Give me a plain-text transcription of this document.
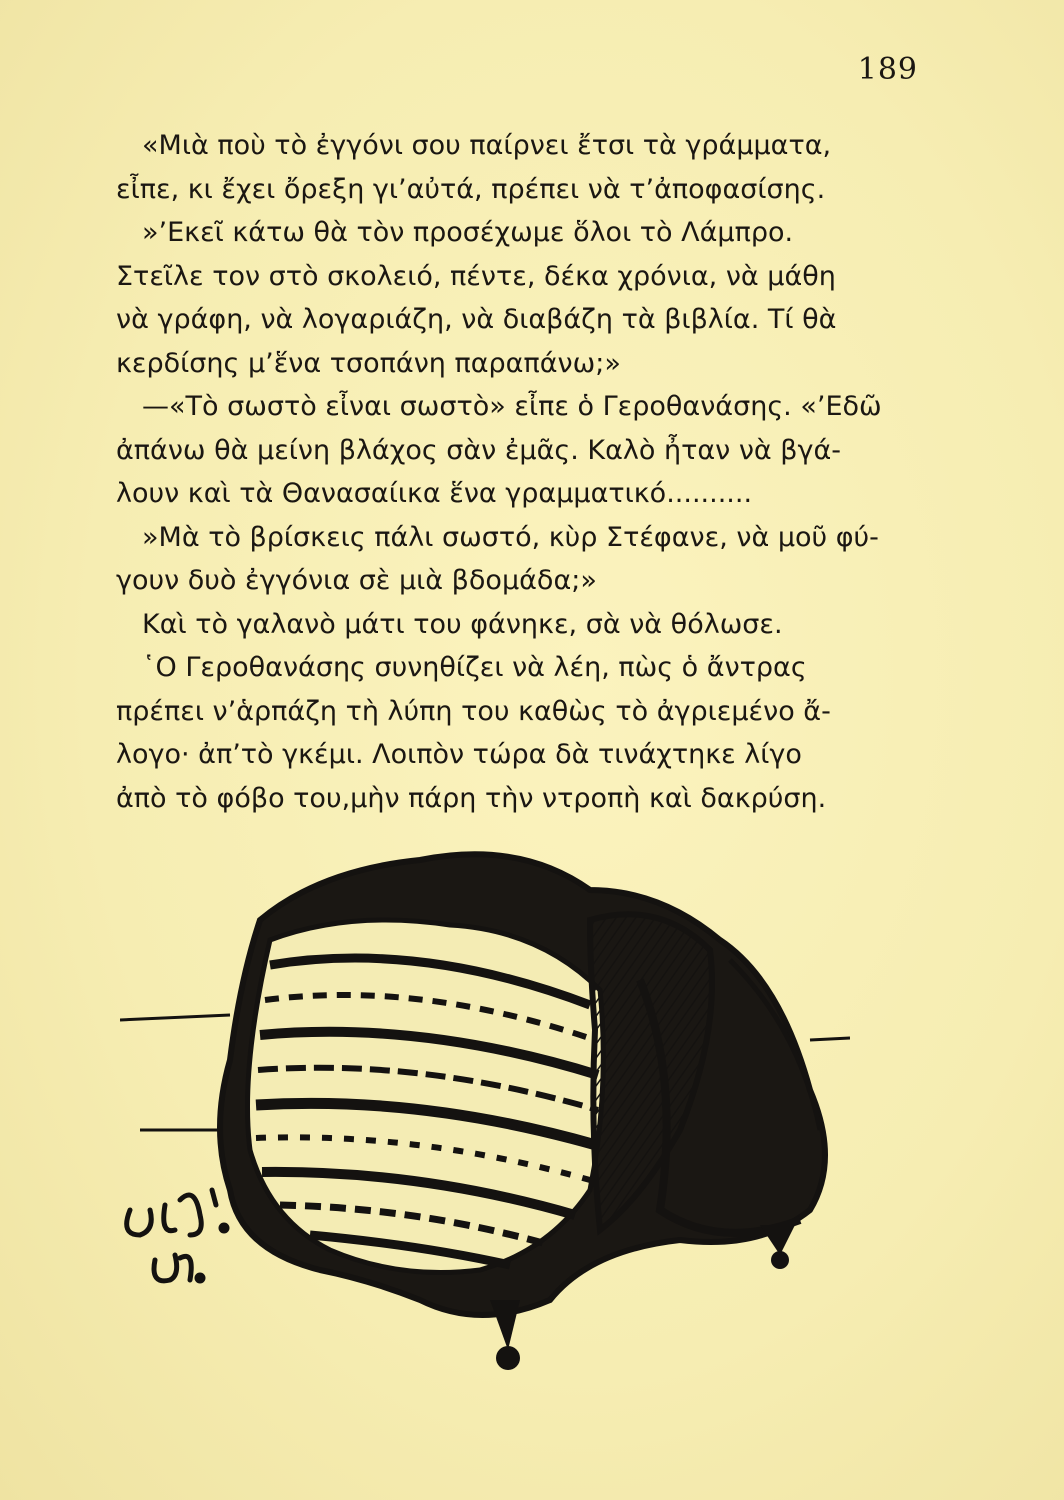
189
«Μιὰ ποὺ τὸ ἐγγόνι σου παίρνει ἔτσι τὰ γράμματα,
εἶπε, κι ἔχει ὄρεξη γι’αὐτά, πρέπει νὰ τ’ἀποφασίσης.
»’Εκεῖ κάτω θὰ τὸν προσέχωμε ὅλοι τὸ Λάμπρο.
Στεῖλε τον στὸ σκολειό, πέντε, δέκα χρόνια, νὰ μάθη
νὰ γράφη, νὰ λογαριάζη, νὰ διαβάζη τὰ βιβλία. Τί θὰ
κερδίσης μ’ἕνα τσοπάνη παραπάνω;»
—«Τὸ σωστὸ εἶναι σωστὸ» εἶπε ὁ Γεροθανάσης. «’Εδῶ
ἀπάνω θὰ μείνη βλάχος σὰν ἐμᾶς. Καλὸ ἦταν νὰ βγά-
λουν καὶ τὰ Θανασαίικα ἕνα γραμματικό..........
»Μὰ τὸ βρίσκεις πάλι σωστό, κὺρ Στέφανε, νὰ μοῦ φύ-
γουν δυὸ ἐγγόνια σὲ μιὰ βδομάδα;»
Καὶ τὸ γαλανὸ μάτι του φάνηκε, σὰ νὰ θόλωσε.
῾Ο Γεροθανάσης συνηθίζει νὰ λέη, πὼς ὁ ἄντρας
πρέπει ν’ἁρπάζη τὴ λύπη του καθὼς τὸ ἀγριεμένο ἄ-
λογο· ἀπ’τὸ γκέμι. Λοιπὸν τώρα δὰ τινάχτηκε λίγο
ἀπὸ τὸ φόβο του,μὴν πάρη τὴν ντροπὴ καὶ δακρύση.
